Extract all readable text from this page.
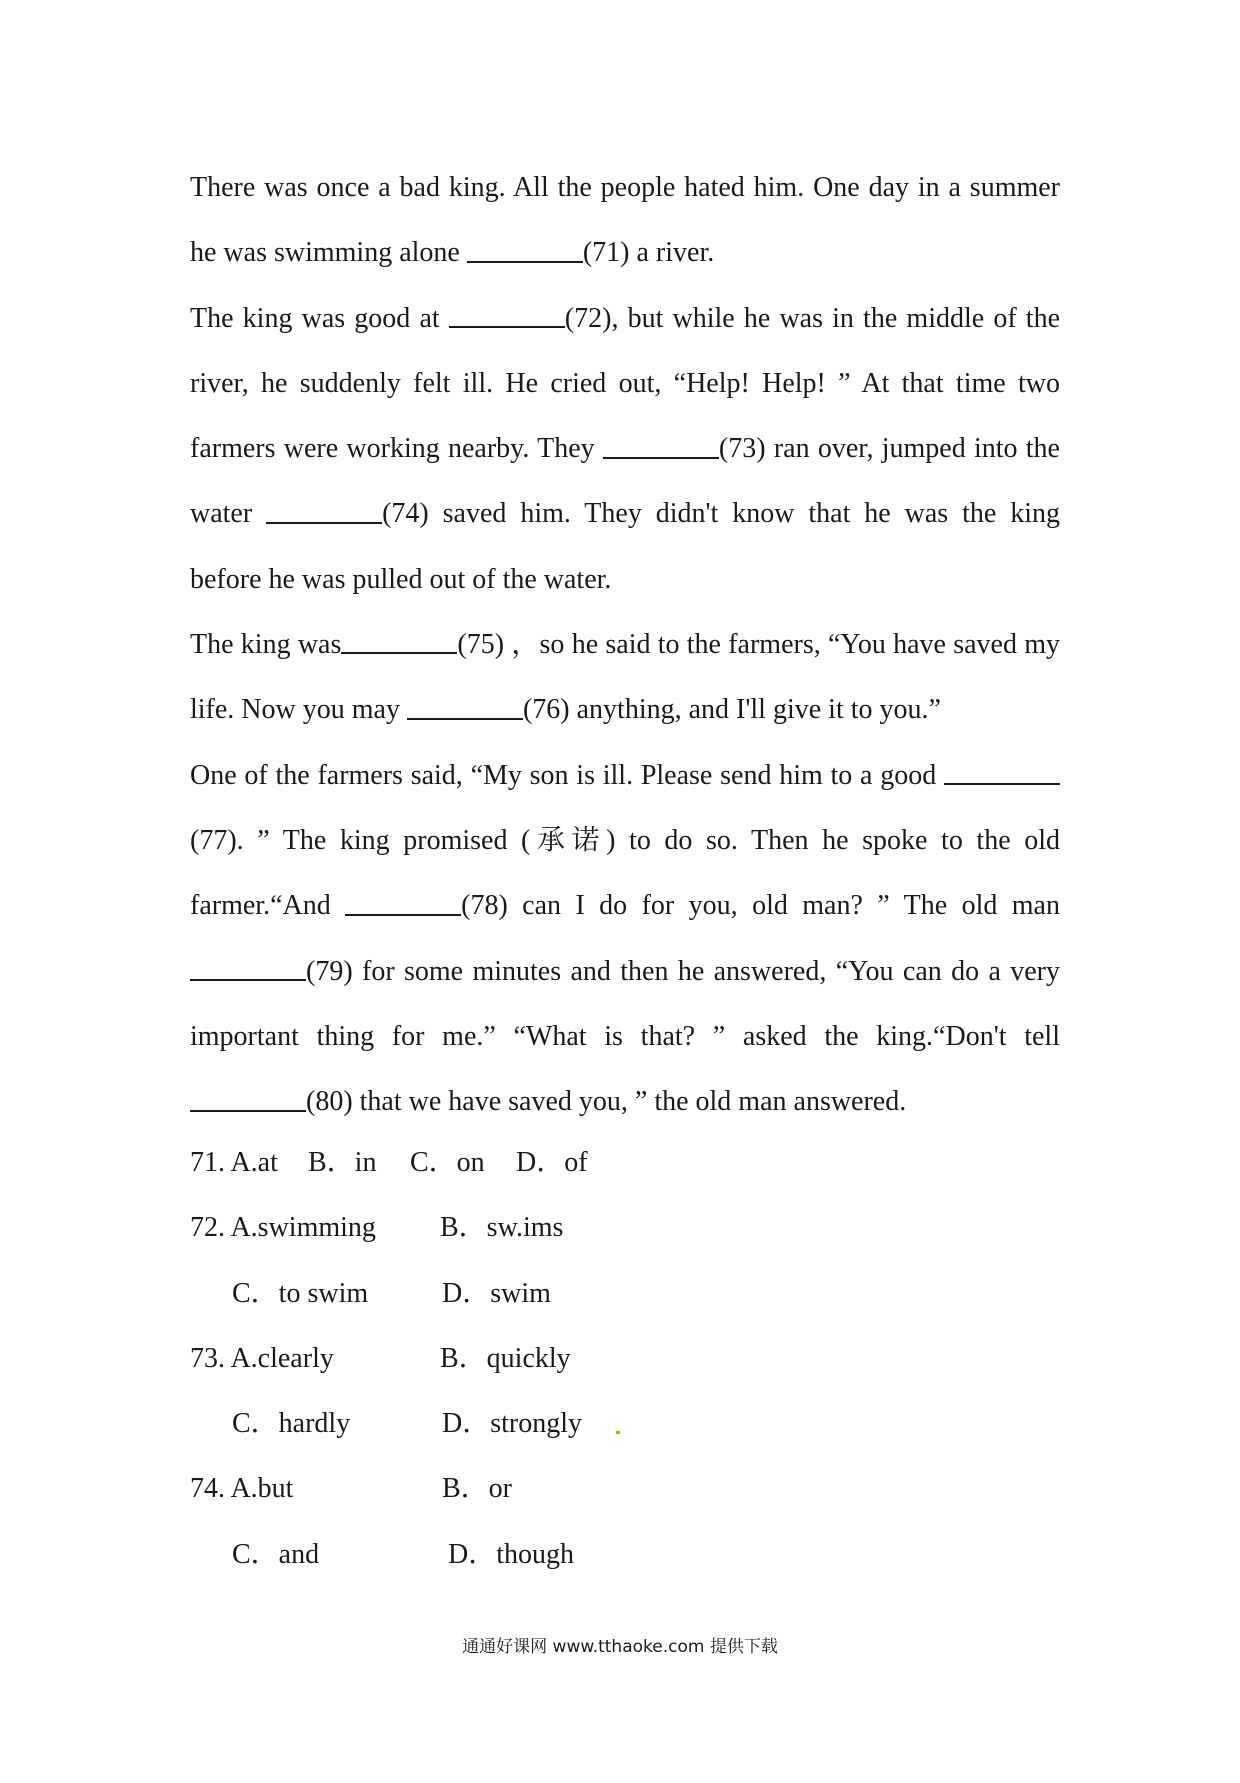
There was once a bad king. All the people hated him. One day in a summer he was swimming alone	(71) a river.

The king was good at	(72), but while he was in the middle of the river, he suddenly felt ill. He cried out, “Help! Help! ” At that time two farmers were working nearby. They	(73) ran over, jumped into the water	(74) saved him. They didn't know that he was the king before he was pulled out of the water.

The king was	(75) ，so he said to the farmers, “You have saved my life. Now you may	(76) anything, and I'll give it to you.”

One of the farmers said, “My son is ill. Please send him to a good (77). ” The king promised (承诺) to do so. Then he spoke to the old farmer.“And	(78) can I do for you, old man? ” The old man (79) for some minutes and then he answered, “You can do a very important thing for me.” “What is that? ” asked the king.“Don't tell (80) that we have saved you, ” the old man answered.

71. A.at

B．in

C．on

D．of

72. A.swimming

B．sw.ims

C．to swim

	D．swim

73. A.clearly

	B．quickly

C．hardly

	D．strongly

74. A.but

	B．or

C．and

	D．though

通通好课网 www.tthaoke.com 提供下载
